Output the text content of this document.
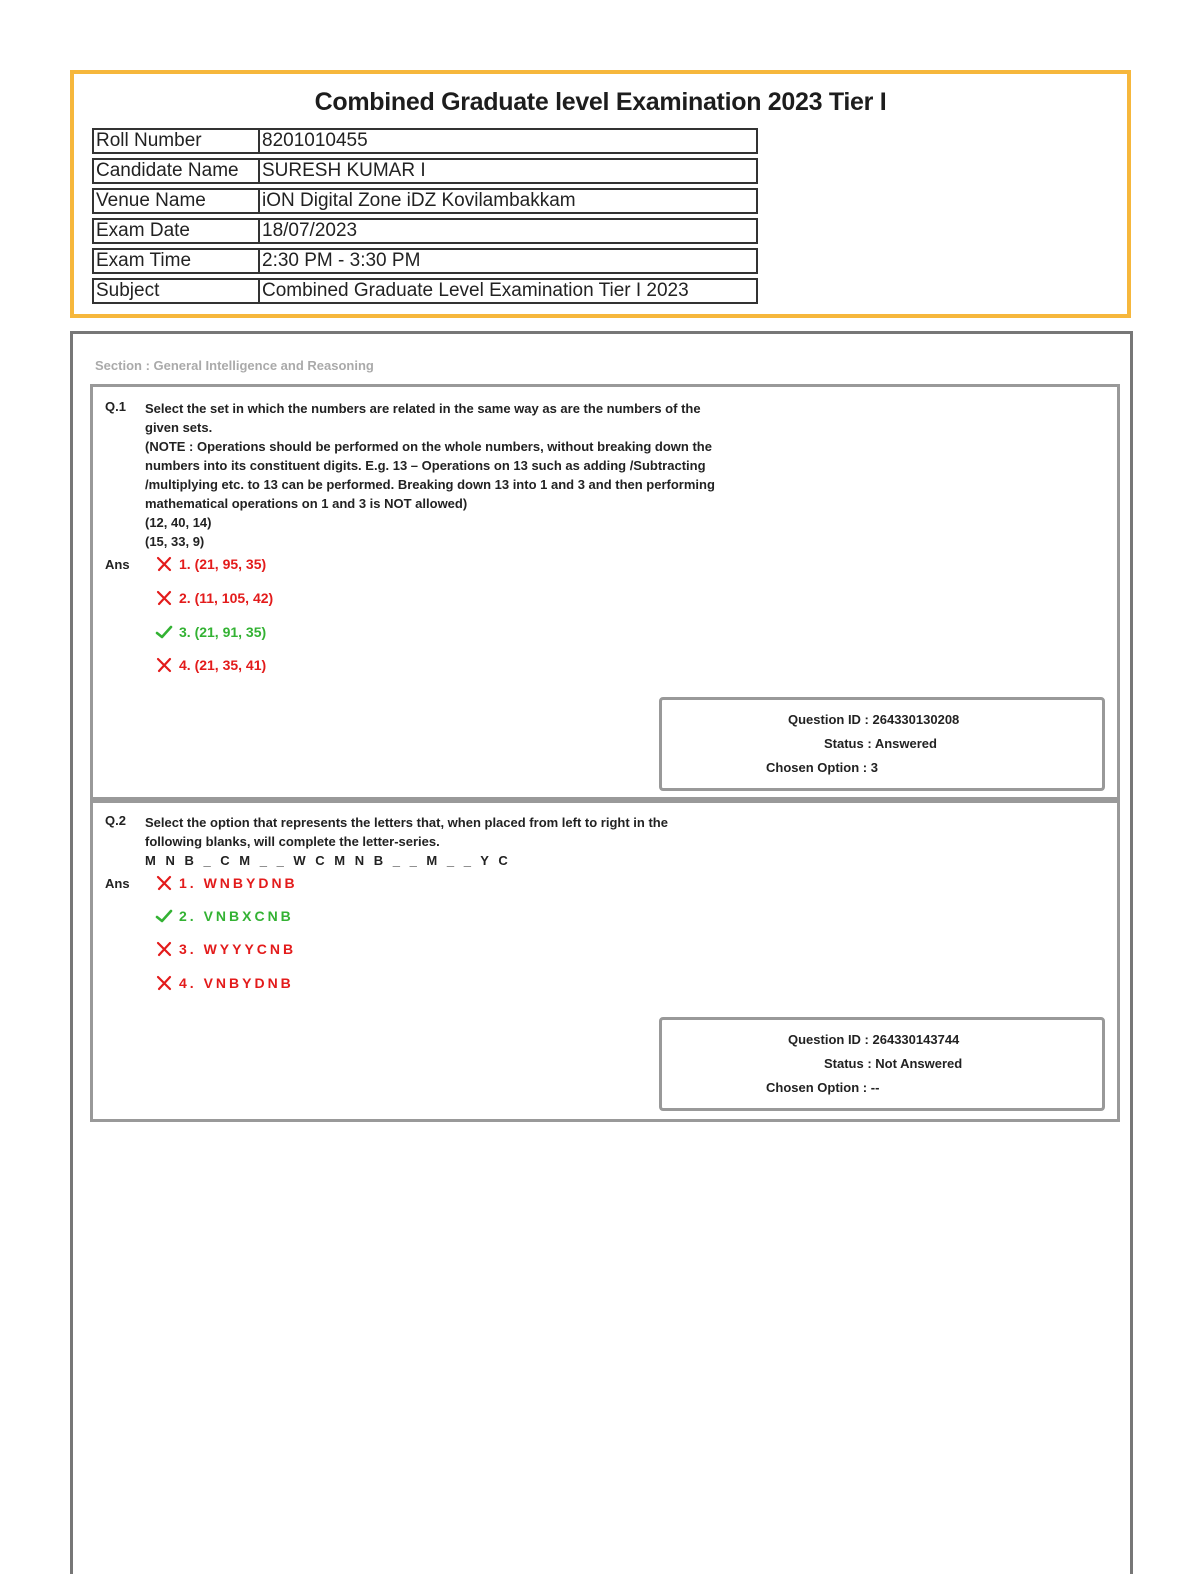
Combined Graduate level Examination 2023 Tier I
Roll Number	8201010455
Candidate Name	SURESH KUMAR I
Venue Name	iON Digital Zone iDZ Kovilambakkam
Exam Date	18/07/2023
Exam Time	2:30 PM - 3:30 PM
Subject	Combined Graduate Level Examination Tier I 2023
Section : General Intelligence and Reasoning
Q.1 Select the set in which the numbers are related in the same way as are the numbers of the
given sets.
(NOTE : Operations should be performed on the whole numbers, without breaking down the
numbers into its constituent digits. E.g. 13 – Operations on 13 such as adding /Subtracting
/multiplying etc. to 13 can be performed. Breaking down 13 into 1 and 3 and then performing
mathematical operations on 1 and 3 is NOT allowed)
(12, 40, 14)
(15, 33, 9)
Ans	1. (21, 95, 35)
2. (11, 105, 42)
3. (21, 91, 35)
4. (21, 35, 41)
Question ID : 264330130208
Status : Answered
Chosen Option : 3
Q.2 Select the option that represents the letters that, when placed from left to right in the
following blanks, will complete the letter-series.
M N B _ C M _ _ W C M N B _ _ M _ _ Y C
Ans	1. WNBYDNB
2. VNBXCNB
3. WYYYCNB
4. VNBYDNB
Question ID : 264330143744
Status : Not Answered
Chosen Option : --
